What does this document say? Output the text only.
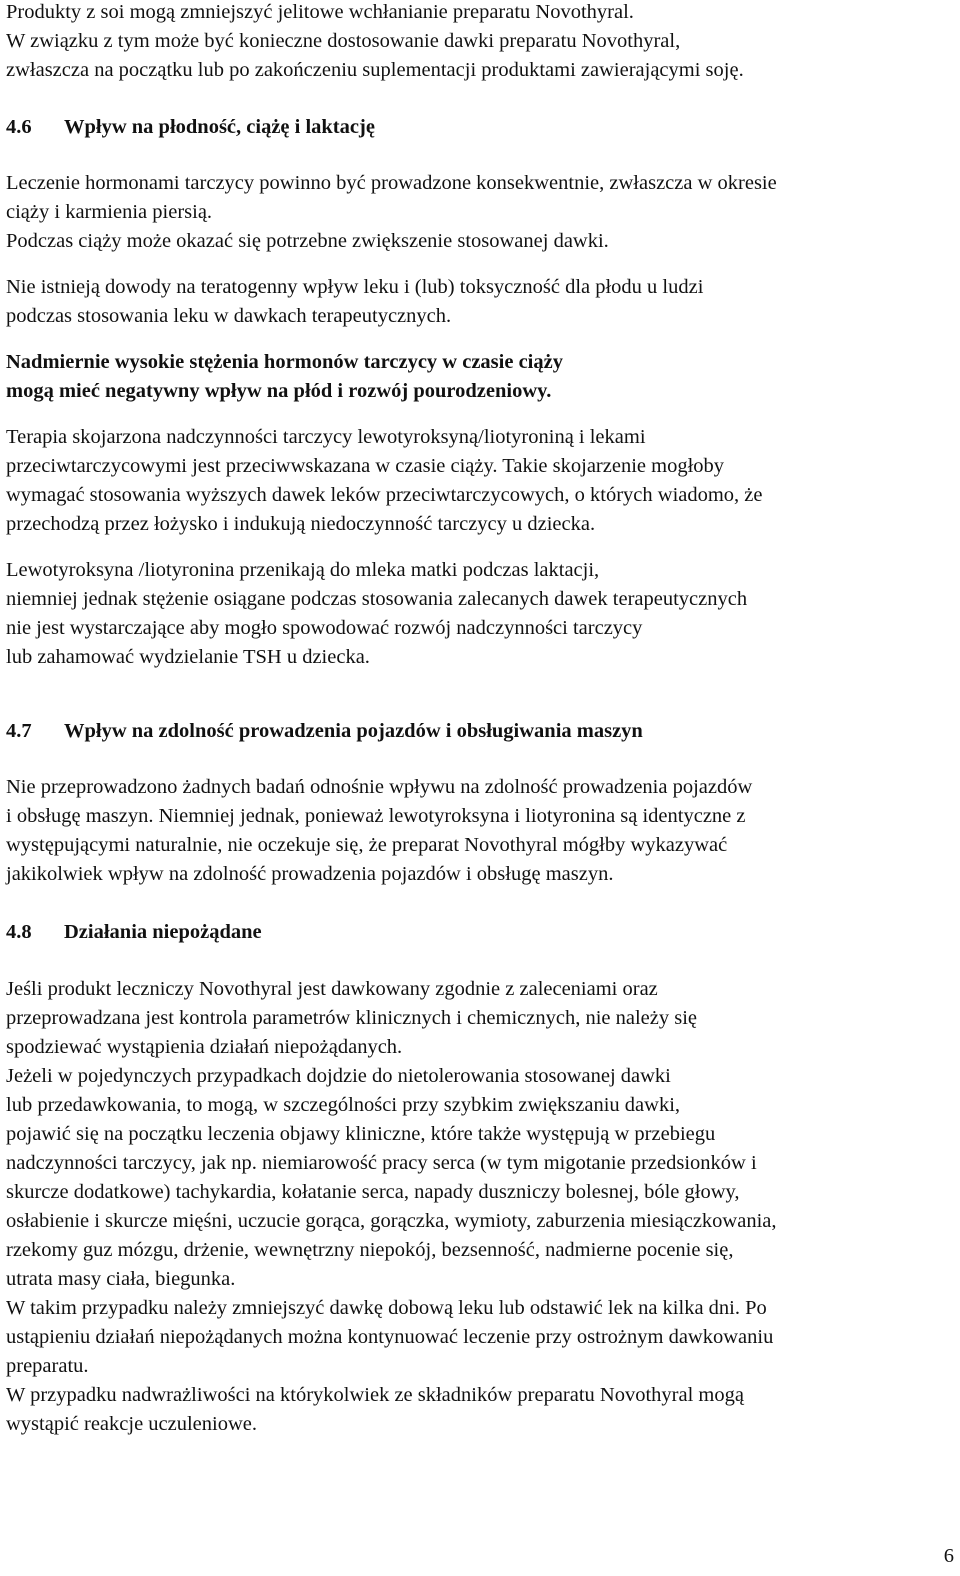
Produkty z soi mogą zmniejszyć jelitowe wchłanianie preparatu Novothyral.
W związku z tym może być konieczne dostosowanie dawki preparatu Novothyral,
zwłaszcza na początku lub po zakończeniu suplementacji produktami zawierającymi soję.
4.6	Wpływ na płodność, ciążę i laktację
Leczenie hormonami tarczycy powinno być prowadzone konsekwentnie, zwłaszcza w okresie
ciąży i karmienia piersią.
Podczas ciąży może okazać się potrzebne zwiększenie stosowanej dawki.
Nie istnieją dowody na teratogenny wpływ leku i (lub) toksyczność dla płodu u ludzi
podczas stosowania leku w dawkach terapeutycznych.
Nadmiernie wysokie stężenia hormonów tarczycy w czasie ciąży
mogą mieć negatywny wpływ na płód i rozwój pourodzeniowy.
Terapia skojarzona nadczynności tarczycy lewotyroksyną/liotyroniną i lekami
przeciwtarczycowymi jest przeciwwskazana w czasie ciąży. Takie skojarzenie mogłoby
wymagać stosowania wyższych dawek leków przeciwtarczycowych, o których wiadomo, że
przechodzą przez łożysko i indukują niedoczynność tarczycy u dziecka.
Lewotyroksyna /liotyronina przenikają do mleka matki podczas laktacji,
niemniej jednak stężenie osiągane podczas stosowania zalecanych dawek terapeutycznych
nie jest wystarczające aby mogło spowodować rozwój nadczynności tarczycy
lub zahamować wydzielanie TSH u dziecka.
4.7	Wpływ na zdolność prowadzenia pojazdów i obsługiwania maszyn
Nie przeprowadzono żadnych badań odnośnie wpływu na zdolność prowadzenia pojazdów
i obsługę maszyn. Niemniej jednak, ponieważ lewotyroksyna i liotyronina są identyczne z
występującymi naturalnie, nie oczekuje się, że preparat Novothyral mógłby wykazywać
jakikolwiek wpływ na zdolność prowadzenia pojazdów i obsługę maszyn.
4.8	Działania niepożądane
Jeśli produkt leczniczy Novothyral jest dawkowany zgodnie z zaleceniami oraz
przeprowadzana jest kontrola parametrów klinicznych i chemicznych, nie należy się
spodziewać wystąpienia działań niepożądanych.
Jeżeli w pojedynczych przypadkach dojdzie do nietolerowania stosowanej dawki
lub przedawkowania, to mogą, w szczególności przy szybkim zwiększaniu dawki,
pojawić się na początku leczenia objawy kliniczne, które także występują w przebiegu
nadczynności tarczycy, jak np. niemiarowość pracy serca (w tym migotanie przedsionków i
skurcze dodatkowe) tachykardia, kołatanie serca, napady duszniczy bolesnej, bóle głowy,
osłabienie i skurcze mięśni, uczucie gorąca, gorączka, wymioty, zaburzenia miesiączkowania,
rzekomy guz mózgu, drżenie, wewnętrzny niepokój, bezsenność, nadmierne pocenie się,
utrata masy ciała, biegunka.
W takim przypadku należy zmniejszyć dawkę dobową leku lub odstawić lek na kilka dni. Po
ustąpieniu działań niepożądanych można kontynuować leczenie przy ostrożnym dawkowaniu
preparatu.
W przypadku nadwrażliwości na którykolwiek ze składników preparatu Novothyral mogą
wystąpić reakcje uczuleniowe.
6
